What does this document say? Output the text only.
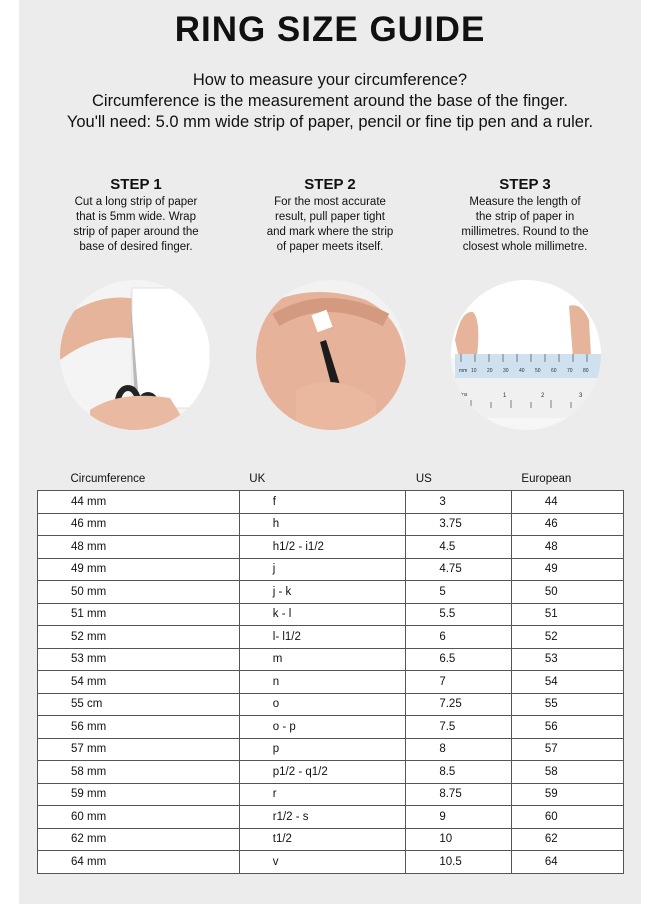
RING SIZE GUIDE
How to measure your circumference?
Circumference is the measurement around the base of the finger.
You'll need: 5.0 mm wide strip of paper, pencil or fine tip pen and a ruler.
STEP 1
Cut a long strip of paper
that is 5mm wide. Wrap
strip of paper around the
base of desired finger.
STEP 2
For the most accurate
result, pull paper tight
and mark where the strip
of paper meets itself.
STEP 3
Measure the length of
the strip of paper in
millimetres. Round to the
closest whole millimetre.
mm 10 20 30 40 50 60 70 80
ins	1	2	3
Circumference	UK	US	European
44 mm	f	3	44
46 mm	h	3.75	46
48 mm	h1/2 - i1/2	4.5	48
49 mm	j	4.75	49
50 mm	j - k	5	50
51 mm	k - l	5.5	51
52 mm	l- l1/2	6	52
53 mm	m	6.5	53
54 mm	n	7	54
55 cm	o	7.25	55
56 mm	o - p	7.5	56
57 mm	p	8	57
58 mm	p1/2 - q1/2	8.5	58
59 mm	r	8.75	59
60 mm	r1/2 - s	9	60
62 mm	t1/2	10	62
64 mm	v	10.5	64
